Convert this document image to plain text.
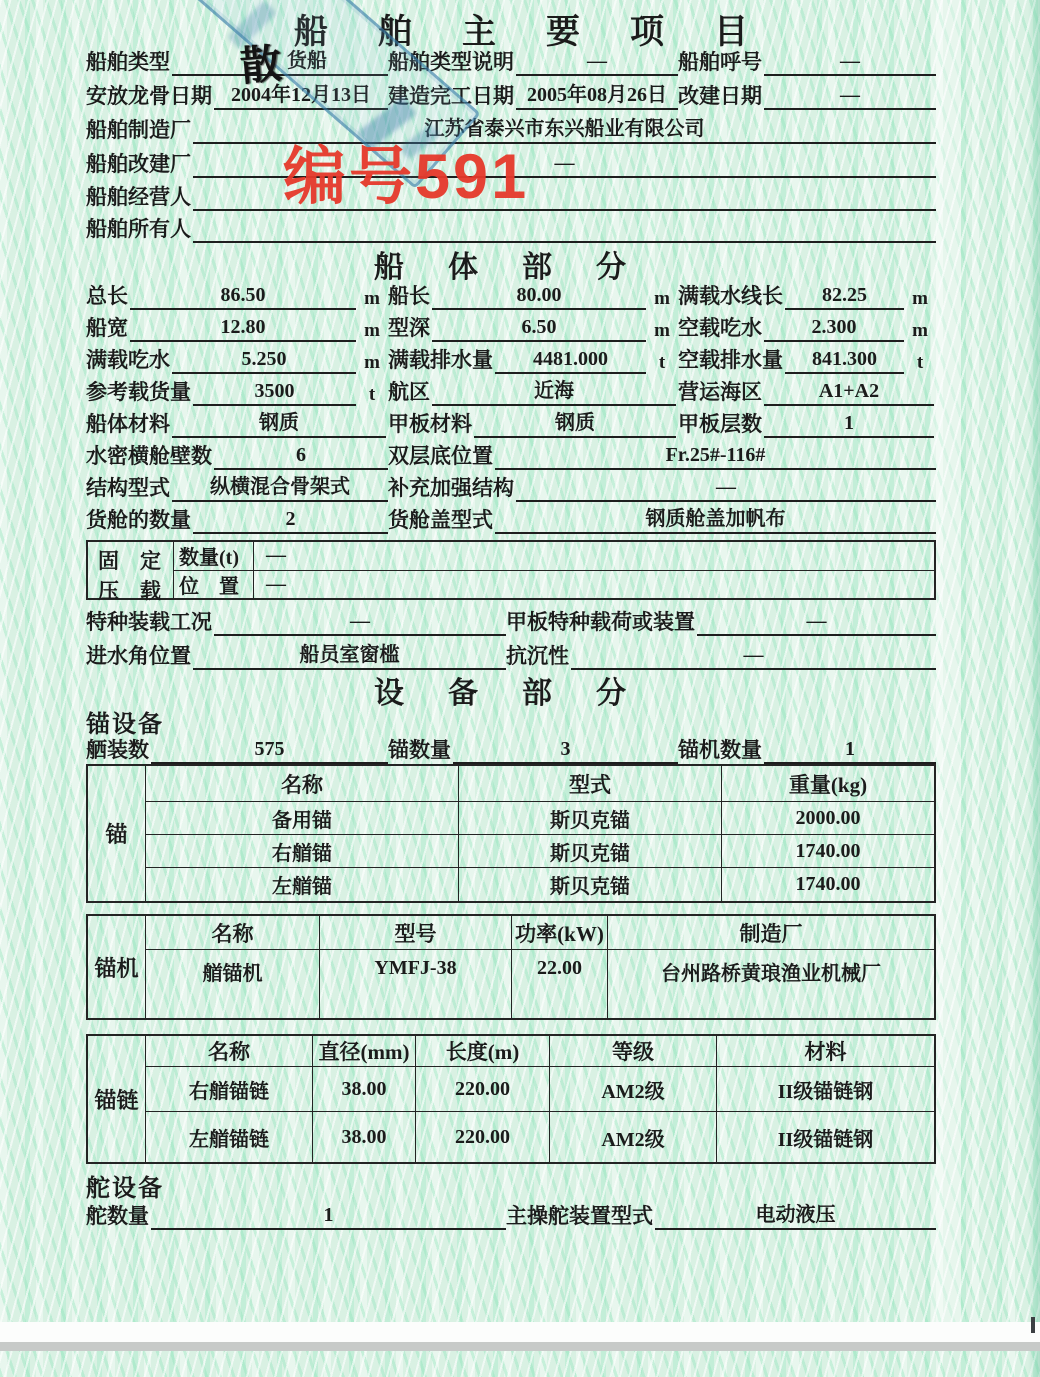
船舶主要项目
船舶类型	货船	船舶类型说明	—	船舶呼号	—
安放龙骨日期 2004年12月13日 建造完工日期 2005年08月26日 改建日期	—
船舶制造厂	江苏省泰兴市东兴船业有限公司
船舶改建厂	—
船舶经营人
船舶所有人
船体部分
总长	86.50	m 船长	80.00	m 满载水线长	82.25	m
船宽	12.80	m 型深	6.50	m 空载吃水	2.300	m
满载吃水	5.250	m 满载排水量	4481.000	t 空载排水量	841.300	t
参考载货量	3500	t 航区	近海	营运海区	A1+A2
船体材料	钢质	甲板材料	钢质	甲板层数	1
水密横舱壁数	6	双层底位置	Fr.25#-116#
结构型式	纵横混合骨架式	补充加强结构	—
货舱的数量	2	货舱盖型式	钢质舱盖加帆布
固　定
压　载
数量(t)	—
位　置	—
特种装载工况	—	甲板特种载荷或装置	—
进水角位置	船员室窗槛	抗沉性	—
设备部分
锚设备
舾装数	575	锚数量	3	锚机数量	1
锚
名称	型式	重量(kg)
备用锚	斯贝克锚	2000.00
右艏锚	斯贝克锚	1740.00
左艏锚	斯贝克锚	1740.00
锚机
名称	型号	功率(kW)	制造厂
艏锚机	YMFJ-38	22.00	台州路桥黄琅渔业机械厂
锚链
名称	直径(mm)	长度(m)	等级	材料
右艏锚链	38.00	220.00	AM2级	II级锚链钢
左艏锚链	38.00	220.00	AM2级	II级锚链钢
舵设备
舵数量	1	主操舵装置型式	电动液压
散
编号591
